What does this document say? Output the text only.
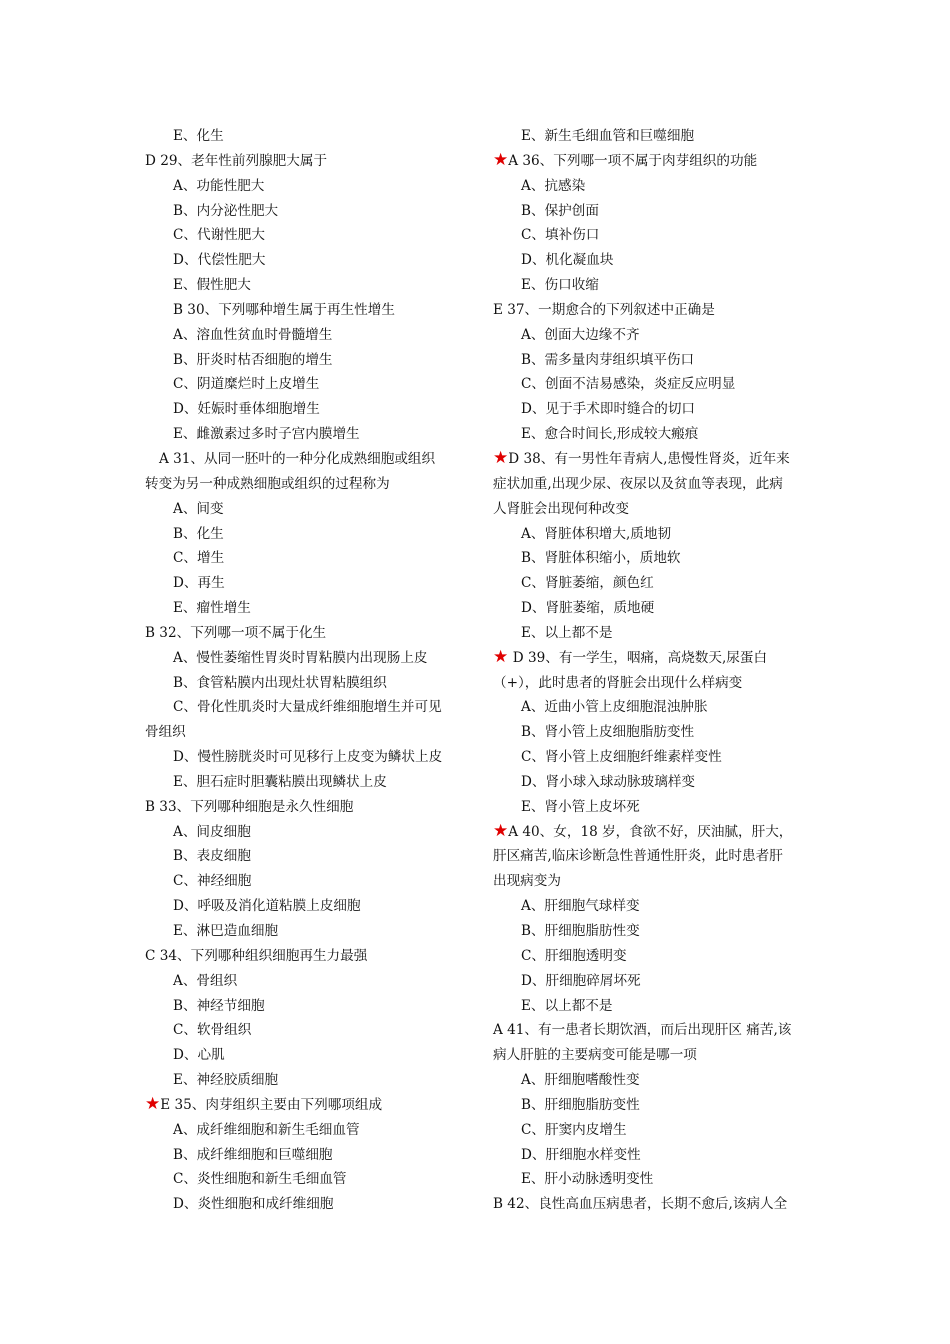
E、化生
D 29、老年性前列腺肥大属于
A、功能性肥大
B、内分泌性肥大
C、代谢性肥大
D、代偿性肥大
E、假性肥大
B 30、下列哪种增生属于再生性增生
A、溶血性贫血时骨髓增生
B、肝炎时枯否细胞的增生
C、阴道糜烂时上皮增生
D、妊娠时垂体细胞增生
E、雌激素过多时子宫内膜增生
A 31、从同一胚叶的一种分化成熟细胞或组织
转变为另一种成熟细胞或组织的过程称为
A、间变
B、化生
C、增生
D、再生
E、瘤性增生
B 32、下列哪一项不属于化生
A、慢性萎缩性胃炎时胃粘膜内出现肠上皮
B、食管粘膜内出现灶状胃粘膜组织
C、骨化性肌炎时大量成纤维细胞增生并可见
骨组织
D、慢性膀胱炎时可见移行上皮变为鳞状上皮
E、胆石症时胆囊粘膜出现鳞状上皮
B 33、下列哪种细胞是永久性细胞
A、间皮细胞
B、表皮细胞
C、神经细胞
D、呼吸及消化道粘膜上皮细胞
E、淋巴造血细胞
C 34、下列哪种组织细胞再生力最强
A、骨组织
B、神经节细胞
C、软骨组织
D、心肌
E、神经胶质细胞
★E 35、肉芽组织主要由下列哪项组成
A、成纤维细胞和新生毛细血管
B、成纤维细胞和巨噬细胞
C、炎性细胞和新生毛细血管
D、炎性细胞和成纤维细胞
E、新生毛细血管和巨噬细胞
★A 36、下列哪一项不属于肉芽组织的功能
A、抗感染
B、保护创面
C、填补伤口
D、机化凝血块
E、伤口收缩
E 37、一期愈合的下列叙述中正确是
A、创面大边缘不齐
B、需多量肉芽组织填平伤口
C、创面不洁易感染，炎症反应明显
D、见于手术即时缝合的切口
E、愈合时间长,形成较大瘢痕
★D 38、有一男性年青病人,患慢性肾炎，近年来
症状加重,出现少尿、夜尿以及贫血等表现，此病
人肾脏会出现何种改变
A、肾脏体积增大,质地韧
B、肾脏体积缩小，质地软
C、肾脏萎缩，颜色红
D、肾脏萎缩，质地硬
E、以上都不是
★D 39、有一学生，咽痛，高烧数天,尿蛋白
（+），此时患者的肾脏会出现什么样病变
A、近曲小管上皮细胞混浊肿胀
B、肾小管上皮细胞脂肪变性
C、肾小管上皮细胞纤维素样变性
D、肾小球入球动脉玻璃样变
E、肾小管上皮坏死
★A 40、女，18 岁，食欲不好，厌油腻，肝大，
肝区痛苦,临床诊断急性普通性肝炎，此时患者肝
出现病变为
A、肝细胞气球样变
B、肝细胞脂肪性变
C、肝细胞透明变
D、肝细胞碎屑坏死
E、以上都不是
A 41、有一患者长期饮酒，而后出现肝区 痛苦,该
病人肝脏的主要病变可能是哪一项
A、肝细胞嗜酸性变
B、肝细胞脂肪变性
C、肝窦内皮增生
D、肝细胞水样变性
E、肝小动脉透明变性
B 42、良性高血压病患者，长期不愈后,该病人全
